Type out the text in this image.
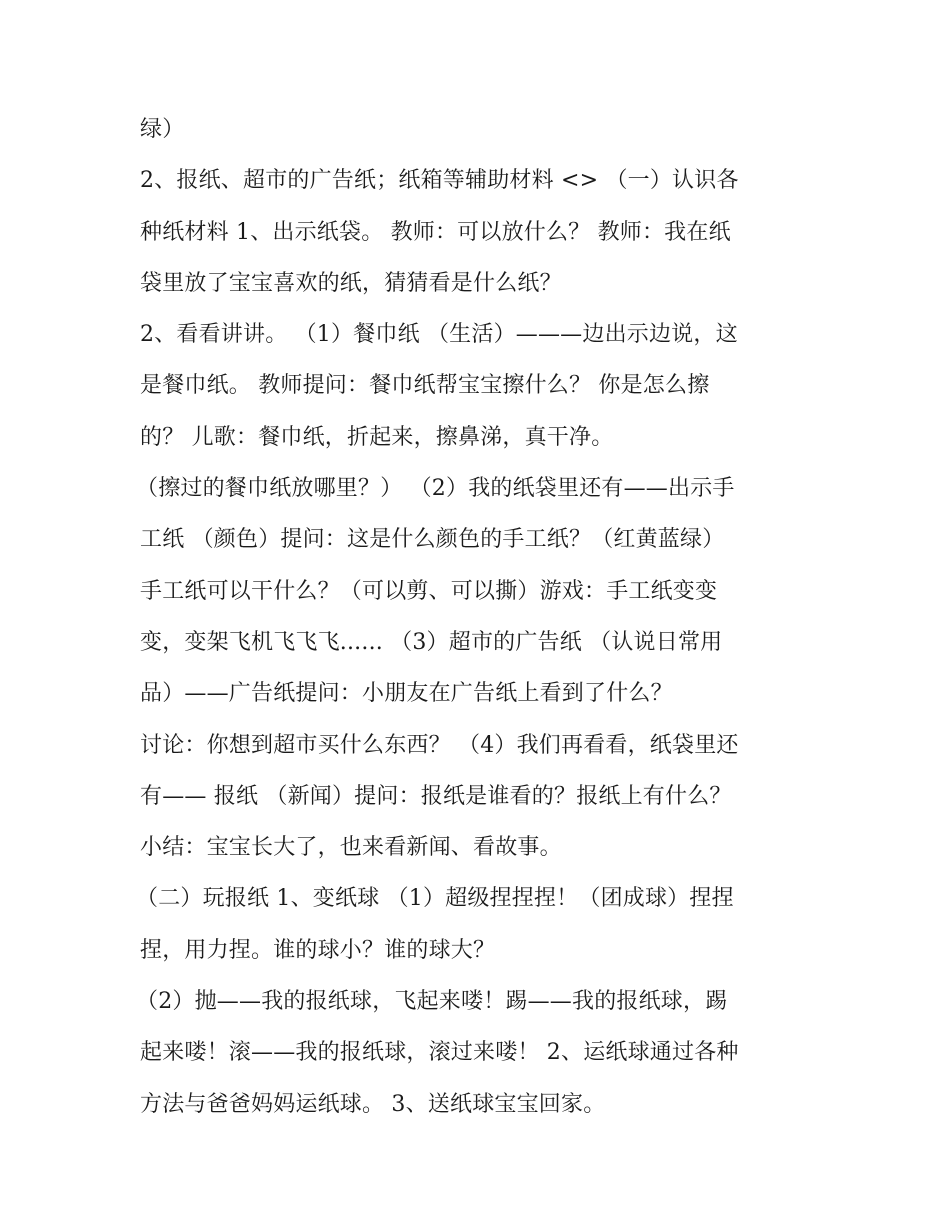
绿）
2、报纸、超市的广告纸；纸箱等辅助材料 <> （一）认识各
种纸材料 1、出示纸袋。 教师：可以放什么？ 教师：我在纸
袋里放了宝宝喜欢的纸，猜猜看是什么纸？
2、看看讲讲。 （1）餐巾纸 （生活）———边出示边说，这
是餐巾纸。 教师提问：餐巾纸帮宝宝擦什么？ 你是怎么擦
的？ 儿歌：餐巾纸，折起来，擦鼻涕，真干净。
（擦过的餐巾纸放哪里？） （2）我的纸袋里还有——出示手
工纸 （颜色）提问：这是什么颜色的手工纸？（红黄蓝绿）
手工纸可以干什么？（可以剪、可以撕）游戏：手工纸变变
变，变架飞机飞飞飞...... （3）超市的广告纸 （认说日常用
品）——广告纸提问：小朋友在广告纸上看到了什么？
讨论：你想到超市买什么东西？ （4）我们再看看，纸袋里还
有—— 报纸 （新闻）提问：报纸是谁看的？报纸上有什么？
小结：宝宝长大了，也来看新闻、看故事。
（二）玩报纸 1、变纸球 （1）超级捏捏捏！（团成球）捏捏
捏，用力捏。谁的球小？谁的球大？
（2）抛——我的报纸球，飞起来喽！踢——我的报纸球，踢
起来喽！滚——我的报纸球，滚过来喽！ 2、运纸球通过各种
方法与爸爸妈妈运纸球。 3、送纸球宝宝回家。
